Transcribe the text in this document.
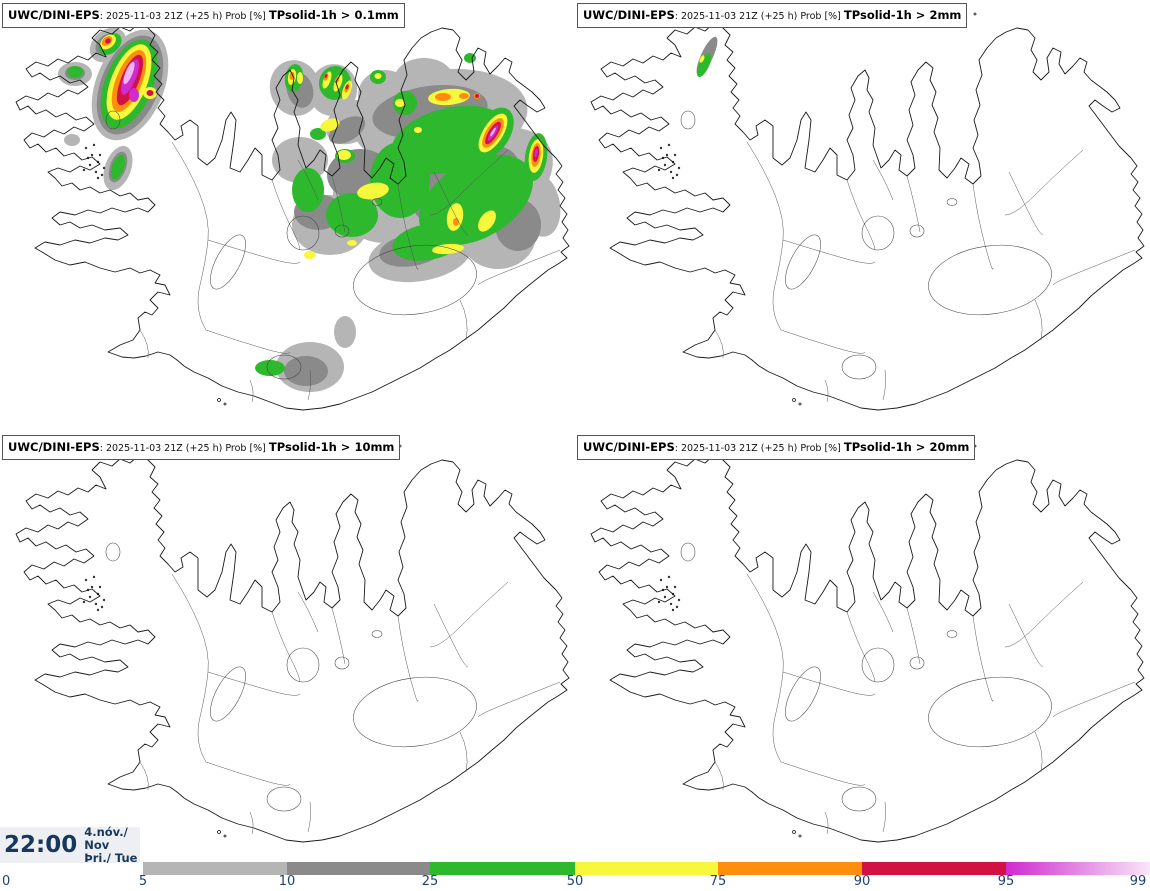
UWC/DINI-EPS: 2025-11-03 21Z (+25 h) Prob [%] TPsolid-1h > 0.1mm	UWC/DINI-EPS: 2025-11-03 21Z (+25 h) Prob [%] TPsolid-1h > 2mm
UWC/DINI-EPS: 2025-11-03 21Z (+25 h) Prob [%] TPsolid-1h > 10mm	UWC/DINI-EPS: 2025-11-03 21Z (+25 h) Prob [%] TPsolid-1h > 20mm
22:00
4.nóv./ Nov
Þri./ Tue
0	5	10	25	50	75	90	95	99
